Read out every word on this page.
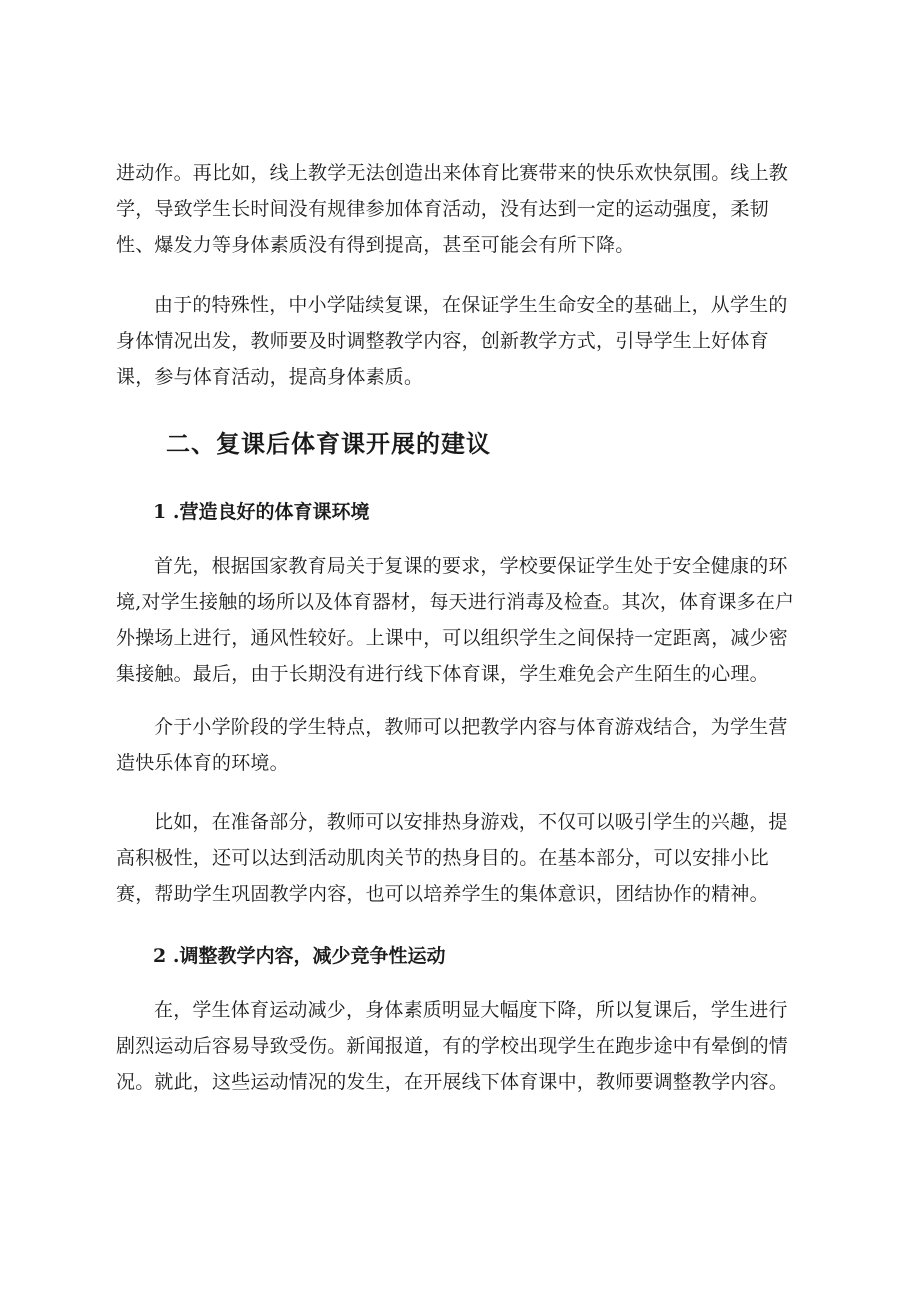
进动作。再比如，线上教学无法创造出来体育比赛带来的快乐欢快氛围。线上教学，导致学生长时间没有规律参加体育活动，没有达到一定的运动强度，柔韧性、爆发力等身体素质没有得到提高，甚至可能会有所下降。

由于的特殊性，中小学陆续复课，在保证学生生命安全的基础上，从学生的身体情况出发，教师要及时调整教学内容，创新教学方式，引导学生上好体育课，参与体育活动，提高身体素质。

二、复课后体育课开展的建议
1 .营造良好的体育课环境

首先，根据国家教育局关于复课的要求，学校要保证学生处于安全健康的环境,对学生接触的场所以及体育器材，每天进行消毒及检查。其次，体育课多在户外操场上进行，通风性较好。上课中，可以组织学生之间保持一定距离，减少密集接触。最后，由于长期没有进行线下体育课，学生难免会产生陌生的心理。

介于小学阶段的学生特点，教师可以把教学内容与体育游戏结合，为学生营造快乐体育的环境。

比如，在准备部分，教师可以安排热身游戏，不仅可以吸引学生的兴趣，提高积极性，还可以达到活动肌肉关节的热身目的。在基本部分，可以安排小比赛，帮助学生巩固教学内容，也可以培养学生的集体意识，团结协作的精神。

2 .调整教学内容，减少竞争性运动

在，学生体育运动减少，身体素质明显大幅度下降，所以复课后，学生进行剧烈运动后容易导致受伤。新闻报道，有的学校出现学生在跑步途中有晕倒的情况。就此，这些运动情况的发生，在开展线下体育课中，教师要调整教学内容。
